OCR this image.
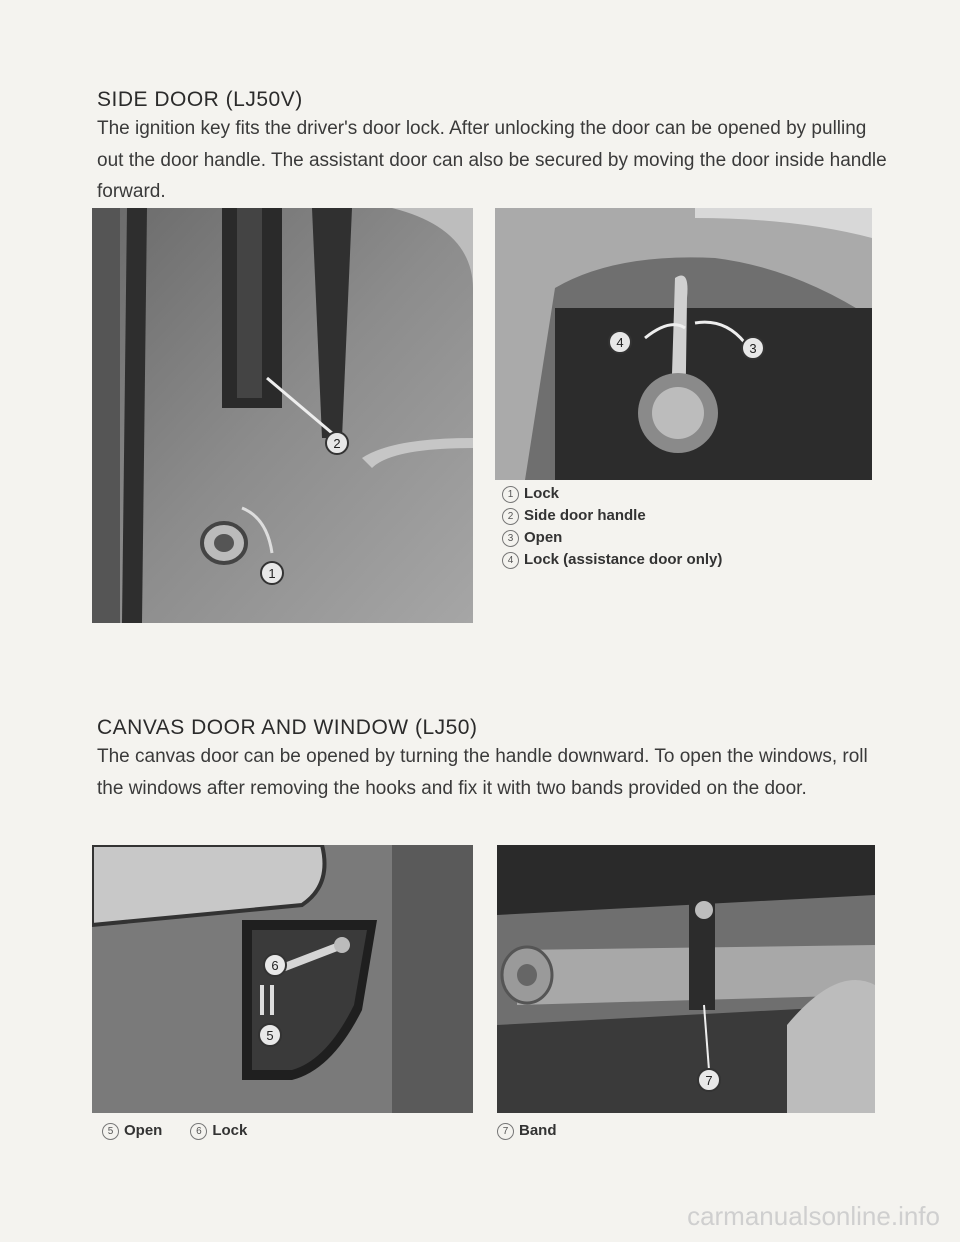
SIDE DOOR (LJ50V)

The ignition key fits the driver's door lock. After unlocking the door can be opened by pulling out the door handle. The assistant door can also be secured by moving the door inside handle forward.

2
1
4	3
1 Lock
2 Side door handle
3 Open
4 Lock (assistance door only)
CANVAS DOOR AND WINDOW (LJ50)

The canvas door can be opened by turning the handle downward. To open the windows, roll the windows after removing the hooks and fix it with two bands provided on the door.

6
5
7
5 Open	6 Lock	7 Band
carmanualsonline.info
